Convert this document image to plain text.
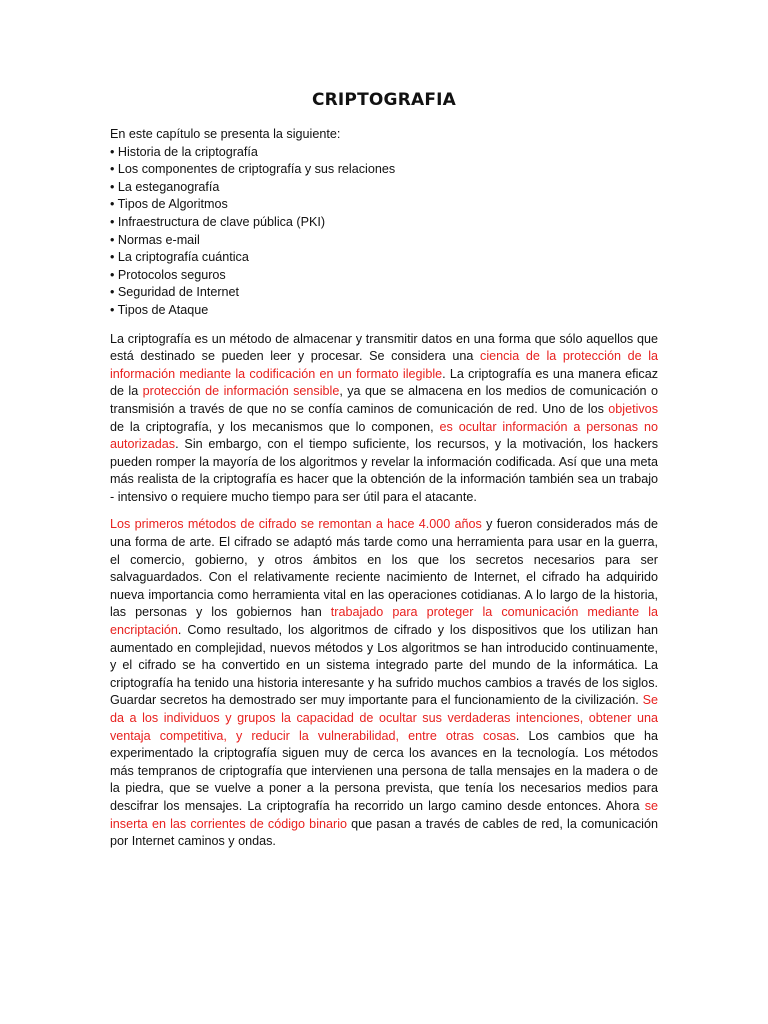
CRIPTOGRAFIA

En este capítulo se presenta la siguiente:

• Historia de la criptografía
• Los componentes de criptografía y sus relaciones
• La esteganografía
• Tipos de Algoritmos
• Infraestructura de clave pública (PKI)
• Normas e-mail
• La criptografía cuántica
• Protocolos seguros
• Seguridad de Internet
• Tipos de Ataque

La criptografía es un método de almacenar y transmitir datos en una forma que sólo aquellos que está destinado se pueden leer y procesar. Se considera una ciencia de la protección de la información mediante la codificación en un formato ilegible. La criptografía es una manera eficaz de la protección de información sensible, ya que se almacena en los medios de comunicación o transmisión a través de que no se confía caminos de comunicación de red. Uno de los objetivos de la criptografía, y los mecanismos que lo componen, es ocultar información a personas no autorizadas. Sin embargo, con el tiempo suficiente, los recursos, y la motivación, los hackers pueden romper la mayoría de los algoritmos y revelar la información codificada. Así que una meta más realista de la criptografía es hacer que la obtención de la información también sea un trabajo - intensivo o requiere mucho tiempo para ser útil para el atacante.

Los primeros métodos de cifrado se remontan a hace 4.000 años y fueron considerados más de una forma de arte. El cifrado se adaptó más tarde como una herramienta para usar en la guerra, el comercio, gobierno, y otros ámbitos en los que los secretos necesarios para ser salvaguardados. Con el relativamente reciente nacimiento de Internet, el cifrado ha adquirido nueva importancia como herramienta vital en las operaciones cotidianas. A lo largo de la historia, las personas y los gobiernos han trabajado para proteger la comunicación mediante la encriptación. Como resultado, los algoritmos de cifrado y los dispositivos que los utilizan han aumentado en complejidad, nuevos métodos y Los algoritmos se han introducido continuamente, y el cifrado se ha convertido en un sistema integrado parte del mundo de la informática. La criptografía ha tenido una historia interesante y ha sufrido muchos cambios a través de los siglos. Guardar secretos ha demostrado ser muy importante para el funcionamiento de la civilización. Se da a los individuos y grupos la capacidad de ocultar sus verdaderas intenciones, obtener una ventaja competitiva, y reducir la vulnerabilidad, entre otras cosas. Los cambios que ha experimentado la criptografía siguen muy de cerca los avances en la tecnología. Los métodos más tempranos de criptografía que intervienen una persona de talla mensajes en la madera o de la piedra, que se vuelve a poner a la persona prevista, que tenía los necesarios medios para descifrar los mensajes. La criptografía ha recorrido un largo camino desde entonces. Ahora se inserta en las corrientes de código binario que pasan a través de cables de red, la comunicación por Internet caminos y ondas.
